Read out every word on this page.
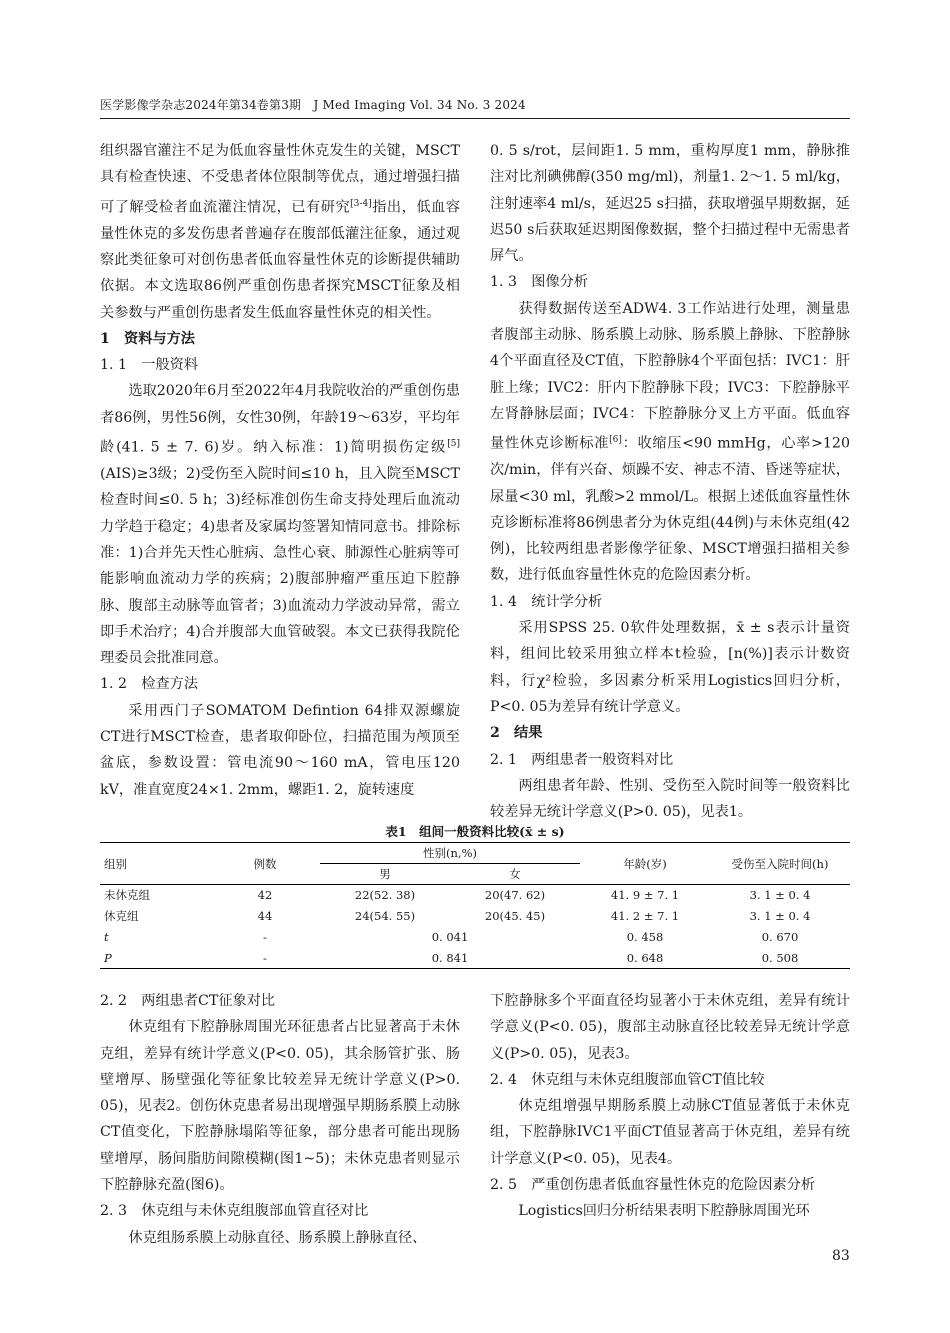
医学影像学杂志2024年第34卷第3期　J Med Imaging Vol. 34 No. 3 2024

组织器官灌注不足为低血容量性休克发生的关键，MSCT具有检查快速、不受患者体位限制等优点，通过增强扫描可了解受检者血流灌注情况，已有研究[3-4]指出，低血容量性休克的多发伤患者普遍存在腹部低灌注征象，通过观察此类征象可对创伤患者低血容量性休克的诊断提供辅助依据。本文选取86例严重创伤患者探究MSCT征象及相关参数与严重创伤患者发生低血容量性休克的相关性。

1　资料与方法

1. 1　一般资料

选取2020年6月至2022年4月我院收治的严重创伤患者86例，男性56例，女性30例，年龄19～63岁，平均年龄(41. 5 ± 7. 6)岁。纳入标准：1)简明损伤定级[5](AIS)≥3级；2)受伤至入院时间≤10 h，且入院至MSCT检查时间≤0. 5 h；3)经标准创伤生命支持处理后血流动力学趋于稳定；4)患者及家属均签署知情同意书。排除标准：1)合并先天性心脏病、急性心衰、肺源性心脏病等可能影响血流动力学的疾病；2)腹部肿瘤严重压迫下腔静脉、腹部主动脉等血管者；3)血流动力学波动异常，需立即手术治疗；4)合并腹部大血管破裂。本文已获得我院伦理委员会批准同意。

1. 2　检查方法

采用西门子SOMATOM Defintion 64排双源螺旋CT进行MSCT检查，患者取仰卧位，扫描范围为颅顶至盆底，参数设置：管电流90～160 mA，管电压120 kV，准直宽度24×1. 2mm，螺距1. 2，旋转速度

0. 5 s/rot，层间距1. 5 mm，重构厚度1 mm，静脉推注对比剂碘佛醇(350 mg/ml)，剂量1. 2～1. 5 ml/kg，注射速率4 ml/s，延迟25 s扫描，获取增强早期数据，延迟50 s后获取延迟期图像数据，整个扫描过程中无需患者屏气。

1. 3　图像分析

获得数据传送至ADW4. 3工作站进行处理，测量患者腹部主动脉、肠系膜上动脉、肠系膜上静脉、下腔静脉4个平面直径及CT值，下腔静脉4个平面包括：IVC1：肝脏上缘；IVC2：肝内下腔静脉下段；IVC3：下腔静脉平左肾静脉层面；IVC4：下腔静脉分叉上方平面。低血容量性休克诊断标准[6]：收缩压<90 mmHg，心率>120次/min，伴有兴奋、烦躁不安、神志不清、昏迷等症状，尿量<30 ml，乳酸>2 mmol/L。根据上述低血容量性休克诊断标准将86例患者分为休克组(44例)与未休克组(42例)，比较两组患者影像学征象、MSCT增强扫描相关参数，进行低血容量性休克的危险因素分析。

1. 4　统计学分析

采用SPSS 25. 0软件处理数据，x̄ ± s表示计量资料，组间比较采用独立样本t检验，[n(%)]表示计数资料，行χ²检验，多因素分析采用Logistics回归分析，P<0. 05为差异有统计学意义。

2　结果

2. 1　两组患者一般资料对比

两组患者年龄、性别、受伤至入院时间等一般资料比较差异无统计学意义(P>0. 05)，见表1。

表1　组间一般资料比较(x̄ ± s)
组别	例数	性别(n,%)		年龄(岁)	受伤至入院时间(h)
		男	女		
未休克组	42	22(52. 38)	20(47. 62)	41. 9 ± 7. 1	3. 1 ± 0. 4
休克组	44	24(54. 55)	20(45. 45)	41. 2 ± 7. 1	3. 1 ± 0. 4
t	-	0. 041		0. 458	0. 670
P	-	0. 841		0. 648	0. 508

2. 2　两组患者CT征象对比

休克组有下腔静脉周围光环征患者占比显著高于未休克组，差异有统计学意义(P<0. 05)，其余肠管扩张、肠壁增厚、肠壁强化等征象比较差异无统计学意义(P>0. 05)，见表2。创伤休克患者易出现增强早期肠系膜上动脉CT值变化，下腔静脉塌陷等征象，部分患者可能出现肠壁增厚，肠间脂肪间隙模糊(图1~5)；未休克患者则显示下腔静脉充盈(图6)。

2. 3　休克组与未休克组腹部血管直径对比

休克组肠系膜上动脉直径、肠系膜上静脉直径、

下腔静脉多个平面直径均显著小于未休克组，差异有统计学意义(P<0. 05)，腹部主动脉直径比较差异无统计学意义(P>0. 05)，见表3。

2. 4　休克组与未休克组腹部血管CT值比较

休克组增强早期肠系膜上动脉CT值显著低于未休克组，下腔静脉IVC1平面CT值显著高于休克组，差异有统计学意义(P<0. 05)，见表4。

2. 5　严重创伤患者低血容量性休克的危险因素分析

Logistics回归分析结果表明下腔静脉周围光环

83
